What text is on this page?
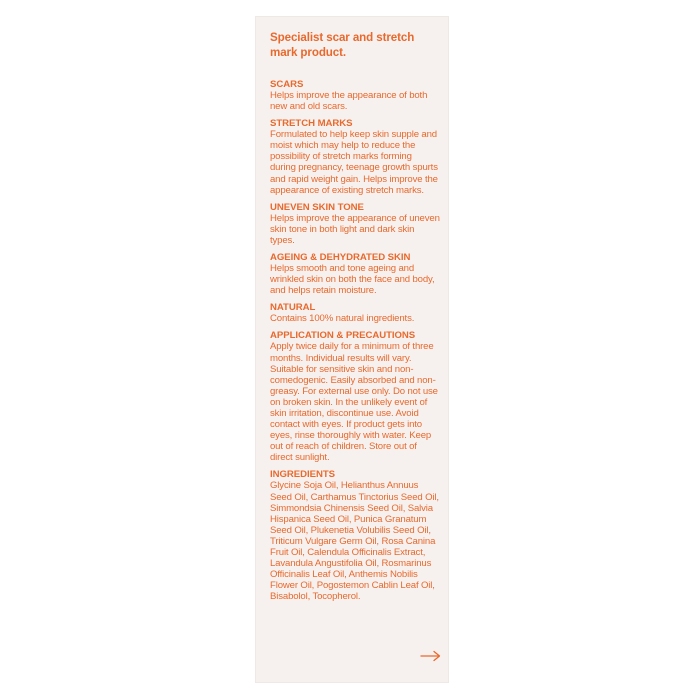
Specialist scar and stretch mark product.

SCARS

Helps improve the appearance of both new and old scars.

STRETCH MARKS

Formulated to help keep skin supple and moist which may help to reduce the possibility of stretch marks forming during pregnancy, teenage growth spurts and rapid weight gain. Helps improve the appearance of existing stretch marks.

UNEVEN SKIN TONE

Helps improve the appearance of uneven skin tone in both light and dark skin types.

AGEING & DEHYDRATED SKIN

Helps smooth and tone ageing and wrinkled skin on both the face and body, and helps retain moisture.

NATURAL

Contains 100% natural ingredients.

APPLICATION & PRECAUTIONS

Apply twice daily for a minimum of three months. Individual results will vary. Suitable for sensitive skin and non-comedogenic. Easily absorbed and non-greasy. For external use only. Do not use on broken skin. In the unlikely event of skin irritation, discontinue use. Avoid contact with eyes. If product gets into eyes, rinse thoroughly with water. Keep out of reach of children. Store out of direct sunlight.

INGREDIENTS

Glycine Soja Oil, Helianthus Annuus Seed Oil, Carthamus Tinctorius Seed Oil, Simmondsia Chinensis Seed Oil, Salvia Hispanica Seed Oil, Punica Granatum Seed Oil, Plukenetia Volubilis Seed Oil, Triticum Vulgare Germ Oil, Rosa Canina Fruit Oil, Calendula Officinalis Extract, Lavandula Angustifolia Oil, Rosmarinus Officinalis Leaf Oil, Anthemis Nobilis Flower Oil, Pogostemon Cablin Leaf Oil, Bisabolol, Tocopherol.
